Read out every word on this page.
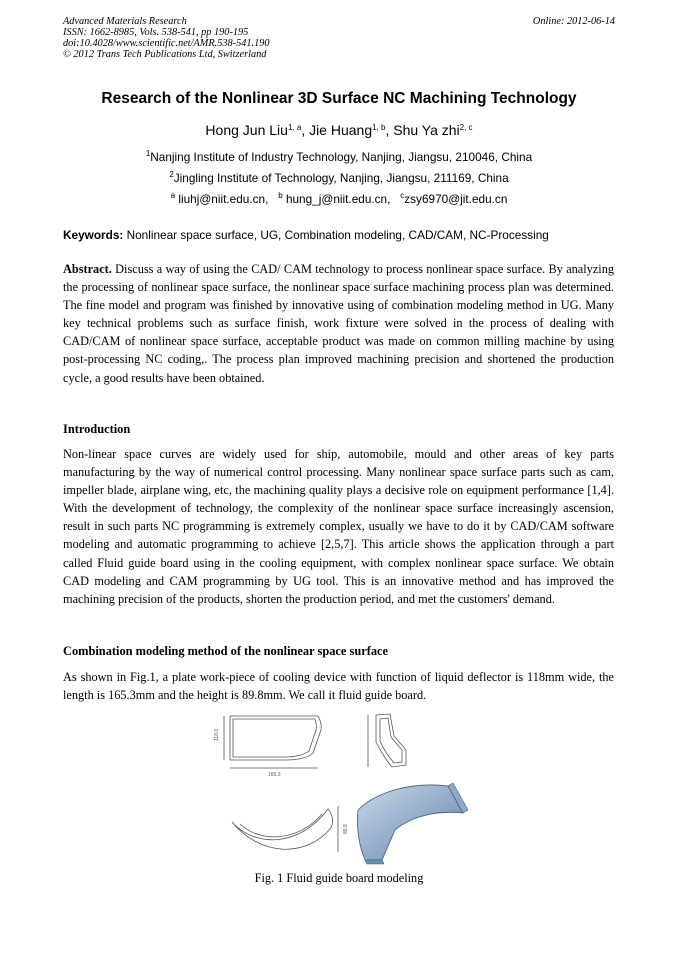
Advanced Materials Research
ISSN: 1662-8985, Vols. 538-541, pp 190-195
doi:10.4028/www.scientific.net/AMR.538-541.190
© 2012 Trans Tech Publications Ltd, Switzerland
Online: 2012-06-14
Research of the Nonlinear 3D Surface NC Machining Technology
Hong Jun Liu$^{1, a}$, Jie Huang$^{1, b}$, Shu Ya zhi$^{2, c}$
$^1$Nanjing Institute of Industry Technology, Nanjing, Jiangsu, 210046, China
$^2$Jingling Institute of Technology, Nanjing, Jiangsu, 211169, China
$^a$ liuhj@niit.edu.cn, $^b$ hung_j@niit.edu.cn, $^c$zsy6970@jit.edu.cn
Keywords: Nonlinear space surface, UG, Combination modeling, CAD/CAM, NC-Processing

Abstract. Discuss a way of using the CAD/ CAM technology to process nonlinear space surface. By analyzing the processing of nonlinear space surface, the nonlinear space surface machining process plan was determined. The fine model and program was finished by innovative using of combination modeling method in UG. Many key technical problems such as surface finish, work fixture were solved in the process of dealing with CAD/CAM of nonlinear space surface, acceptable product was made on common milling machine by using post-processing NC coding,. The process plan improved machining precision and shortened the production cycle, a good results have been obtained.

Introduction

Non-linear space curves are widely used for ship, automobile, mould and other areas of key parts manufacturing by the way of numerical control processing. Many nonlinear space surface parts such as cam, impeller blade, airplane wing, etc, the machining quality plays a decisive role on equipment performance [1,4]. With the development of technology, the complexity of the nonlinear space surface increasingly ascension, result in such parts NC programming is extremely complex, usually we have to do it by CAD/CAM software modeling and automatic programming to achieve [2,5,7]. This article shows the application through a part called Fluid guide board using in the cooling equipment, with complex nonlinear space surface. We obtain CAD modeling and CAM programming by UG tool. This is an innovative method and has improved the machining precision of the products, shorten the production period, and met the customers' demand.

Combination modeling method of the nonlinear space surface

As shown in Fig.1, a plate work-piece of cooling device with function of liquid deflector is 118mm wide, the length is 165.3mm and the height is 89.8mm. We call it fluid guide board.

118.0
165.3
89.8
Fig. 1 Fluid guide board modeling
